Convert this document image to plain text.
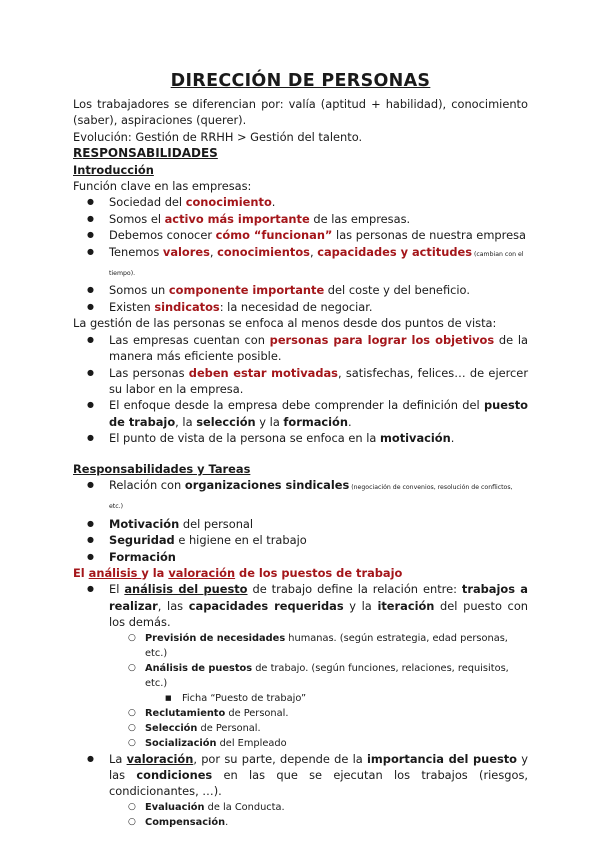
DIRECCIÓN DE PERSONAS

Los trabajadores se diferencian por: valía (aptitud + habilidad), conocimiento (saber), aspiraciones (querer).

Evolución: Gestión de RRHH > Gestión del talento.

RESPONSABILIDADES
Introducción

Función clave en las empresas:

● Sociedad del conocimiento.
● Somos el activo más importante de las empresas.
● Debemos conocer cómo “funcionan” las personas de nuestra empresa
● Tenemos valores, conocimientos, capacidades y actitudes (cambian con el tiempo).
● Somos un componente importante del coste y del beneficio.
● Existen sindicatos: la necesidad de negociar.

La gestión de las personas se enfoca al menos desde dos puntos de vista:

● Las empresas cuentan con personas para lograr los objetivos de la manera más eficiente posible.
● Las personas deben estar motivadas, satisfechas, felices… de ejercer su labor en la empresa.
● El enfoque desde la empresa debe comprender la definición del puesto de trabajo, la selección y la formación.
● El punto de vista de la persona se enfoca en la motivación.
Responsabilidades y Tareas
● Relación con organizaciones sindicales (negociación de convenios, resolución de conflictos, etc.)
● Motivación del personal
● Seguridad e higiene en el trabajo
● Formación
El análisis y la valoración de los puestos de trabajo
● El análisis del puesto de trabajo define la relación entre: trabajos a realizar, las capacidades requeridas y la iteración del puesto con los demás.
○ Previsión de necesidades humanas. (según estrategia, edad personas, etc.)
○ Análisis de puestos de trabajo. (según funciones, relaciones, requisitos, etc.)
■ Ficha “Puesto de trabajo”
○ Reclutamiento de Personal.
○ Selección de Personal.
○ Socialización del Empleado
● La valoración, por su parte, depende de la importancia del puesto y las condiciones en las que se ejecutan los trabajos (riesgos, condicionantes, …).
○ Evaluación de la Conducta.
○ Compensación.
